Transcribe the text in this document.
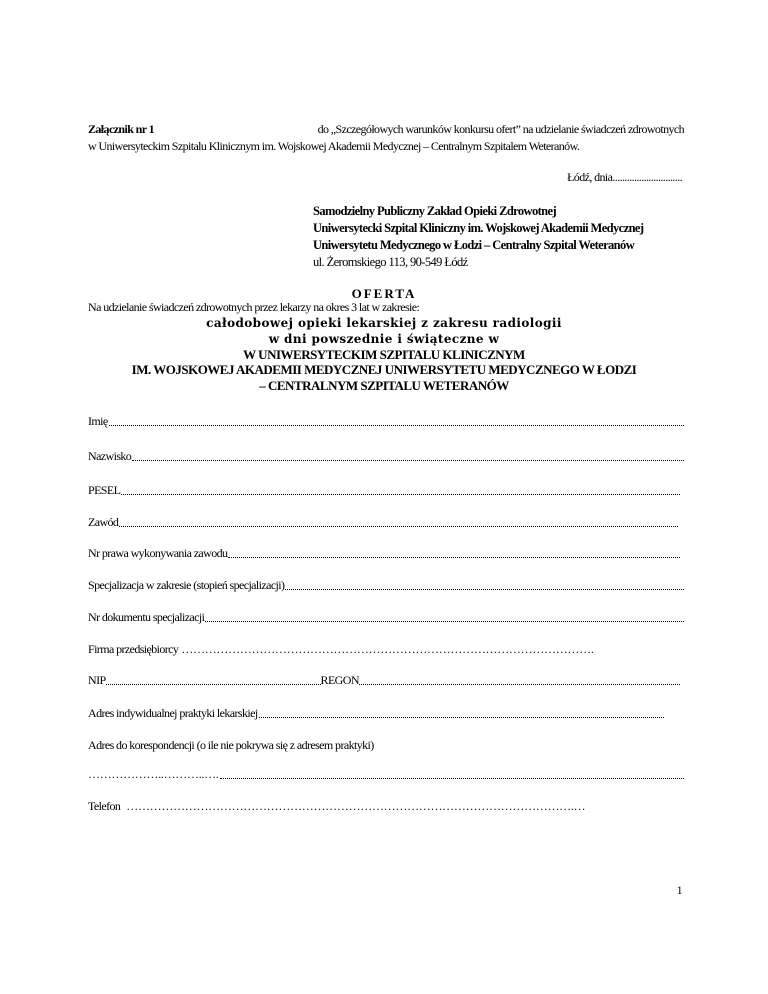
Załącznik nr 1	do „Szczegółowych warunków konkursu ofert” na udzielanie świadczeń zdrowotnych
w Uniwersyteckim Szpitalu Klinicznym im. Wojskowej Akademii Medycznej – Centralnym Szpitalem Weteranów.
Łódź, dnia.............................
Samodzielny Publiczny Zakład Opieki Zdrowotnej
Uniwersytecki Szpital Kliniczny im. Wojskowej Akademii Medycznej
Uniwersytetu Medycznego w Łodzi – Centralny Szpital Weteranów
ul. Żeromskiego 113, 90-549 Łódź
OFERTA
Na udzielanie świadczeń zdrowotnych przez lekarzy na okres 3 lat w zakresie:
całodobowej opieki lekarskiej z zakresu radiologii
w dni powszednie i świąteczne w
W UNIWERSYTECKIM SZPITALU KLINICZNYM
IM. WOJSKOWEJ AKADEMII MEDYCZNEJ UNIWERSYTETU MEDYCZNEGO W ŁODZI
– CENTRALNYM SZPITALU WETERANÓW
Imię
Nazwisko
PESEL
Zawód
Nr prawa wykonywania zawodu
Specjalizacja w zakresie (stopień specjalizacji)
Nr dokumentu specjalizacji
Firma przedsiębiorcy …………………………………………………………………………………………….
NIP	REGON
Adres indywidualnej praktyki lekarskiej
Adres do korespondencji (o ile nie pokrywa się z adresem praktyki)
………………..………..….
Telefon …………………………………………………………………………………………………….…
1
